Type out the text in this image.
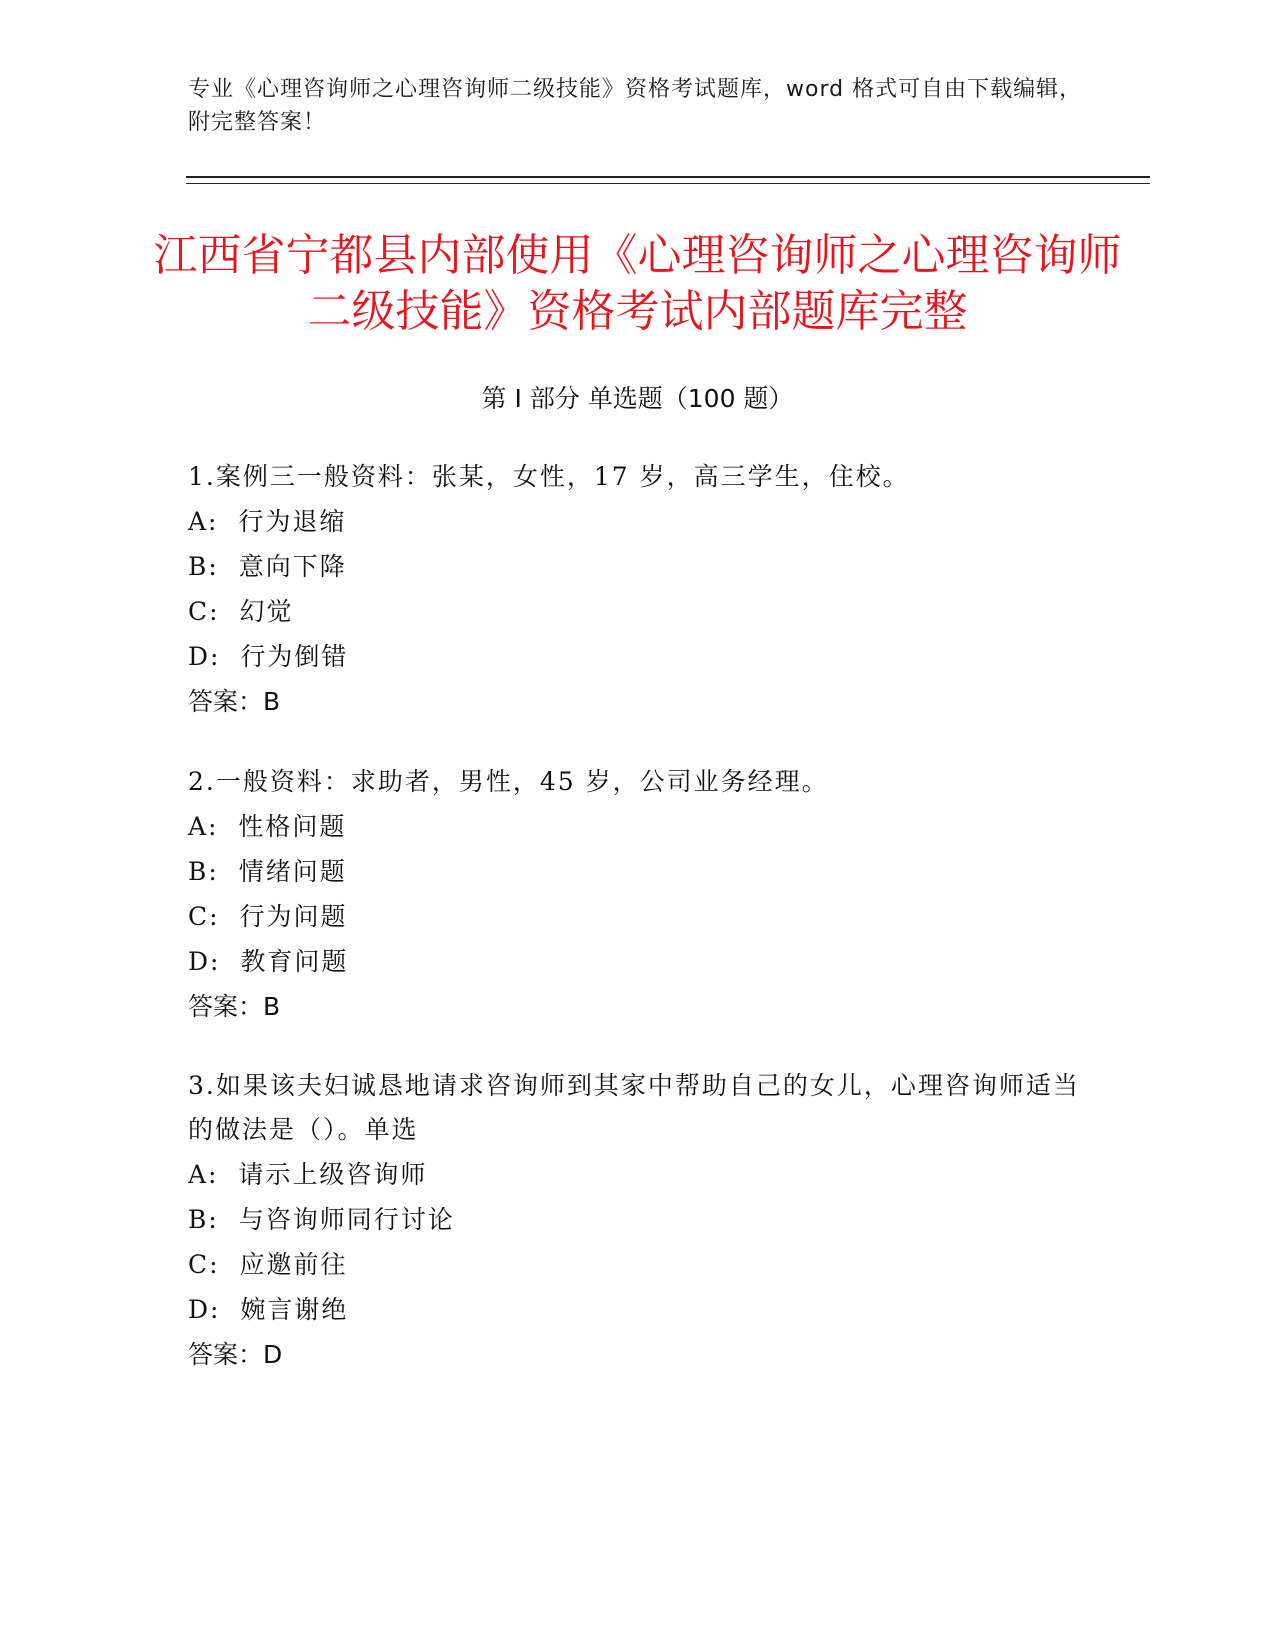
专业《心理咨询师之心理咨询师二级技能》资格考试题库，word 格式可自由下载编辑，附完整答案！
江西省宁都县内部使用《心理咨询师之心理咨询师二级技能》资格考试内部题库完整
第 I 部分 单选题（100 题）

1.案例三一般资料：张某，女性，17 岁，高三学生，住校。

A:  行为退缩
B:  意向下降
C:  幻觉
D:  行为倒错
答案：B

2.一般资料：求助者，男性，45 岁，公司业务经理。

A:  性格问题
B:  情绪问题
C:  行为问题
D:  教育问题
答案：B

3.如果该夫妇诚恳地请求咨询师到其家中帮助自己的女儿，心理咨询师适当的做法是（）。单选

A:  请示上级咨询师
B:  与咨询师同行讨论
C:  应邀前往
D:  婉言谢绝
答案：D
